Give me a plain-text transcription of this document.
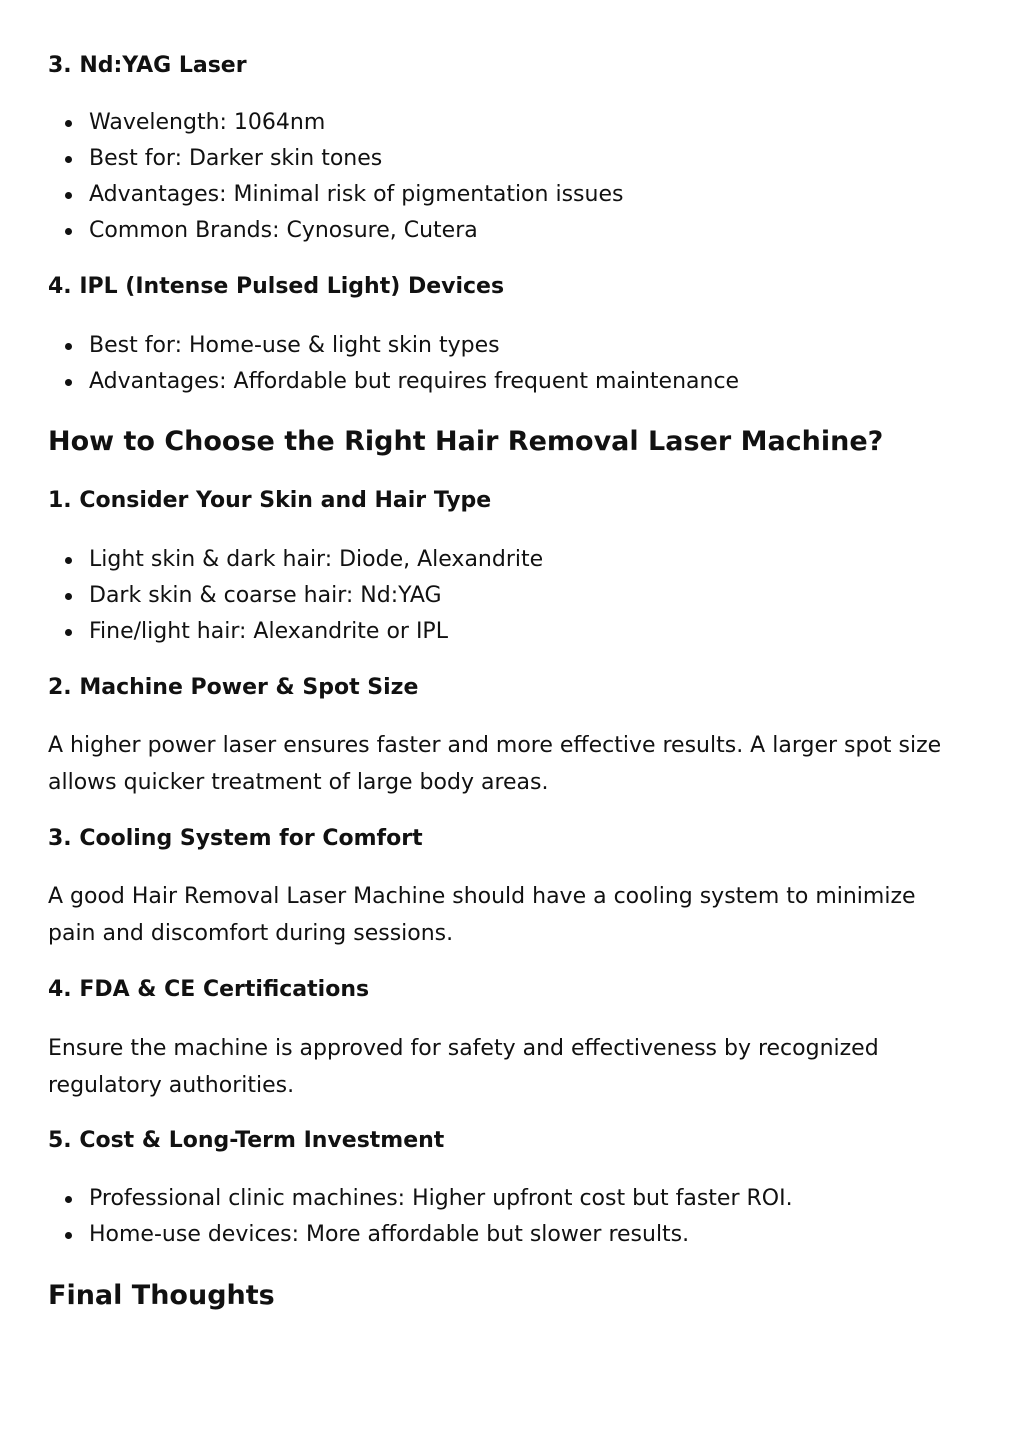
3. Nd:YAG Laser
Wavelength: 1064nm
Best for: Darker skin tones
Advantages: Minimal risk of pigmentation issues
Common Brands: Cynosure, Cutera
4. IPL (Intense Pulsed Light) Devices
Best for: Home-use & light skin types
Advantages: Affordable but requires frequent maintenance
How to Choose the Right Hair Removal Laser Machine?
1. Consider Your Skin and Hair Type
Light skin & dark hair: Diode, Alexandrite
Dark skin & coarse hair: Nd:YAG
Fine/light hair: Alexandrite or IPL
2. Machine Power & Spot Size

A higher power laser ensures faster and more effective results. A larger spot size allows quicker treatment of large body areas.

3. Cooling System for Comfort

A good Hair Removal Laser Machine should have a cooling system to minimize pain and discomfort during sessions.

4. FDA & CE Certifications

Ensure the machine is approved for safety and effectiveness by recognized regulatory authorities.

5. Cost & Long-Term Investment
Professional clinic machines: Higher upfront cost but faster ROI.
Home-use devices: More affordable but slower results.
Final Thoughts
